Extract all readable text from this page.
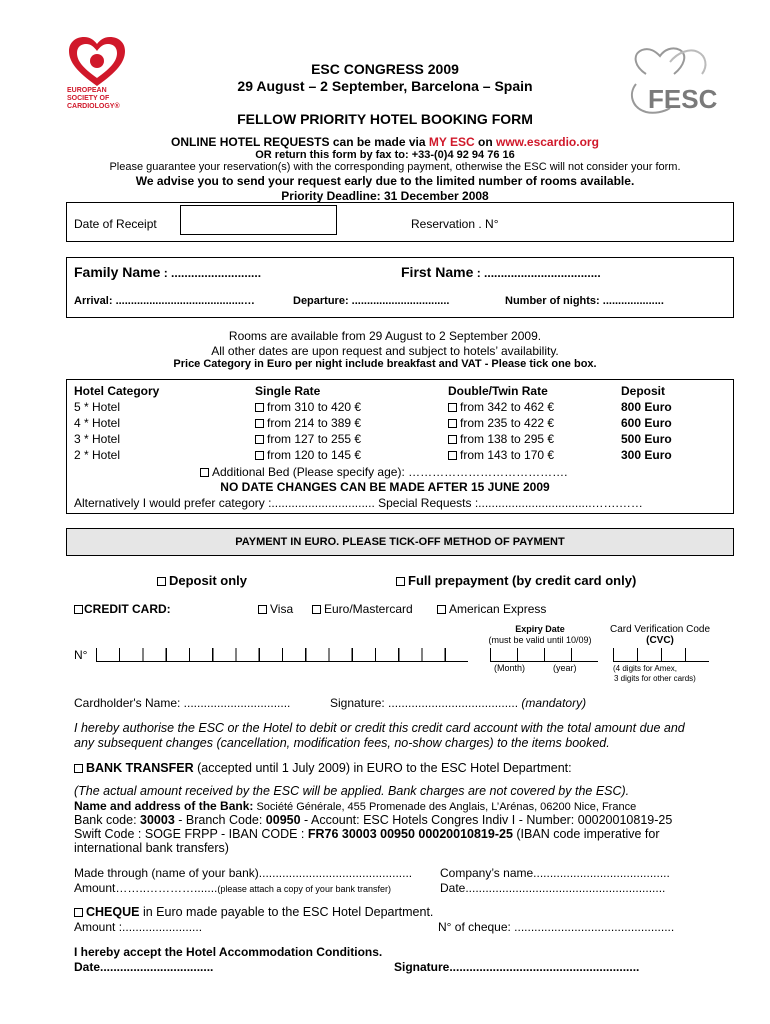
EUROPEAN
SOCIETY OF
CARDIOLOGY®	FESC
ESC CONGRESS 2009
29 August – 2 September, Barcelona – Spain
FELLOW PRIORITY HOTEL BOOKING FORM
ONLINE HOTEL REQUESTS can be made via MY ESC on www.escardio.org
OR return this form by fax to: +33-(0)4 92 94 76 16
Please guarantee your reservation(s) with the corresponding payment, otherwise the ESC will not consider your form.
We advise you to send your request early due to the limited number of rooms available.
Priority Deadline: 31 December 2008
Date of Receipt	Reservation . N°
Family Name : ...........................	First Name : ...................................
Arrival: ..........................................…	Departure: ................................	Number of nights: ....................
Rooms are available from 29 August to 2 September 2009.
All other dates are upon request and subject to hotels’ availability.
Price Category in Euro per night include breakfast and VAT - Please tick one box.
Hotel Category	Single Rate	Double/Twin Rate	Deposit
5 * Hotel	from 310 to 420 €	from 342 to 462 €	800 Euro
4 * Hotel	from 214 to 389 €	from 235 to 422 €	600 Euro
3 * Hotel	from 127 to 255 €	from 138 to 295 €	500 Euro
2 * Hotel	from 120 to 145 €	from 143 to 170 €	300 Euro
Additional Bed (Please specify age): ………………………………….
NO DATE CHANGES CAN BE MADE AFTER 15 JUNE 2009
Alternatively I would prefer category :............................... Special Requests :..................................…….……
PAYMENT IN EURO. PLEASE TICK-OFF METHOD OF PAYMENT
Deposit only	Full prepayment (by credit card only)
CREDIT CARD:	Visa	Euro/Mastercard	American Express
Expiry Date
(must be valid until 10/09)
Card Verification Code
(CVC)
N°
(Month)	(year)	(4 digits for Amex,
3 digits for other cards)
Cardholder's Name: ................................	Signature: ....................................... (mandatory)
I hereby authorise the ESC or the Hotel to debit or credit this credit card account with the total amount due and
any subsequent changes (cancellation, modification fees, no-show charges) to the items booked.
BANK TRANSFER (accepted until 1 July 2009) in EURO to the ESC Hotel Department:
(The actual amount received by the ESC will be applied. Bank charges are not covered by the ESC).
Name and address of the Bank: Société Générale, 455 Promenade des Anglais, L’Arénas, 06200 Nice, France
Bank code: 30003 - Branch Code: 00950 - Account: ESC Hotels Congres Indiv I - Number: 00020010819-25
Swift Code : SOGE FRPP - IBAN CODE : FR76 30003 00950 00020010819-25 (IBAN code imperative for
international bank transfers)
Made through (name of your bank).............................................. Company’s name.........................................
Amount……..………….......(please attach a copy of your bank transfer)	Date............................................................
CHEQUE in Euro made payable to the ESC Hotel Department.
Amount :........................	N° of cheque: ................................................
I hereby accept the Hotel Accommodation Conditions.
Date..................................	Signature.........................................................
